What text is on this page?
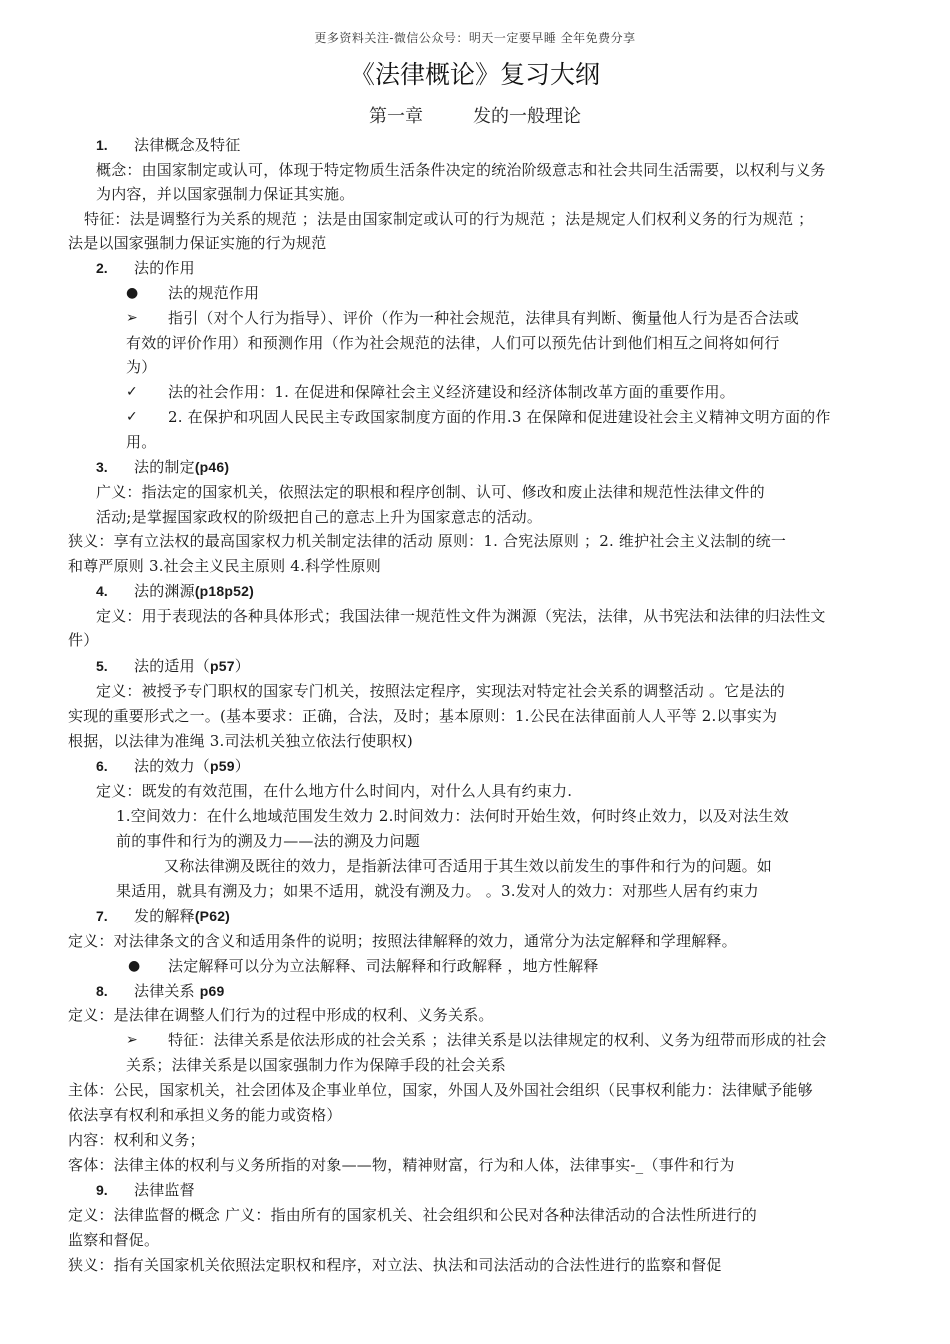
更多资料关注-微信公众号：明天一定要早睡 全年免费分享
《法律概论》复习大纲
第一章	发的一般理论
1. 法律概念及特征
概念：由国家制定或认可，体现于特定物质生活条件决定的统治阶级意志和社会共同生活需要，以权利与义务
为内容，并以国家强制力保证其实施。
特征：法是调整行为关系的规范 ；法是由国家制定或认可的行为规范 ；法是规定人们权利义务的行为规范 ；
法是以国家强制力保证实施的行为规范
2. 法的作用
● 法的规范作用
➢ 指引（对个人行为指导）、评价（作为一种社会规范，法律具有判断、衡量他人行为是否合法或
有效的评价作用）和预测作用（作为社会规范的法律，人们可以预先估计到他们相互之间将如何行
为）
✓ 法的社会作用：1. 在促进和保障社会主义经济建设和经济体制改革方面的重要作用。
✓ 2. 在保护和巩固人民民主专政国家制度方面的作用.3 在保障和促进建设社会主义精神文明方面的作
用。
3. 法的制定(p46)
广义：指法定的国家机关，依照法定的职根和程序创制、认可、修改和废止法律和规范性法律文件的
活动;是掌握国家政权的阶级把自己的意志上升为国家意志的活动。
狭义：享有立法权的最高国家权力机关制定法律的活动 原则：1. 合宪法原则 ；2. 维护社会主义法制的统一
和尊严原则 3.社会主义民主原则 4.科学性原则
4. 法的渊源(p18p52)
定义：用于表现法的各种具体形式；我国法律一规范性文件为渊源（宪法，法律，从书宪法和法律的归法性文
件）
5. 法的适用（p57）
定义：被授予专门职权的国家专门机关，按照法定程序，实现法对特定社会关系的调整活动 。它是法的
实现的重要形式之一。(基本要求：正确，合法，及时；基本原则：1.公民在法律面前人人平等 2.以事实为
根据，以法律为准绳 3.司法机关独立依法行使职权)
6. 法的效力（p59）
定义：既发的有效范围，在什么地方什么时间内，对什么人具有约束力.
1.空间效力：在什么地域范围发生效力 2.时间效力：法何时开始生效，何时终止效力，以及对法生效
前的事件和行为的溯及力——法的溯及力问题
又称法律溯及既往的效力，是指新法律可否适用于其生效以前发生的事件和行为的问题。如
果适用，就具有溯及力；如果不适用，就没有溯及力。 。3.发对人的效力：对那些人居有约束力
7. 发的解释(P62)
定义：对法律条文的含义和适用条件的说明；按照法律解释的效力，通常分为法定解释和学理解释。
● 法定解释可以分为立法解释、司法解释和行政解释 ，地方性解释
8. 法律关系 p69
定义：是法律在调整人们行为的过程中形成的权利、义务关系。
➢ 特征：法律关系是依法形成的社会关系 ；法律关系是以法律规定的权利、义务为纽带而形成的社会
关系；法律关系是以国家强制力作为保障手段的社会关系
主体：公民，国家机关，社会团体及企事业单位，国家，外国人及外国社会组织（民事权利能力：法律赋予能够
依法享有权利和承担义务的能力或资格）
内容：权利和义务；
客体：法律主体的权利与义务所指的对象——物，精神财富，行为和人体，法律事实-_（事件和行为
9. 法律监督
定义：法律监督的概念 广义：指由所有的国家机关、社会组织和公民对各种法律活动的合法性所进行的
监察和督促。
狭义：指有关国家机关依照法定职权和程序，对立法、执法和司法活动的合法性进行的监察和督促
